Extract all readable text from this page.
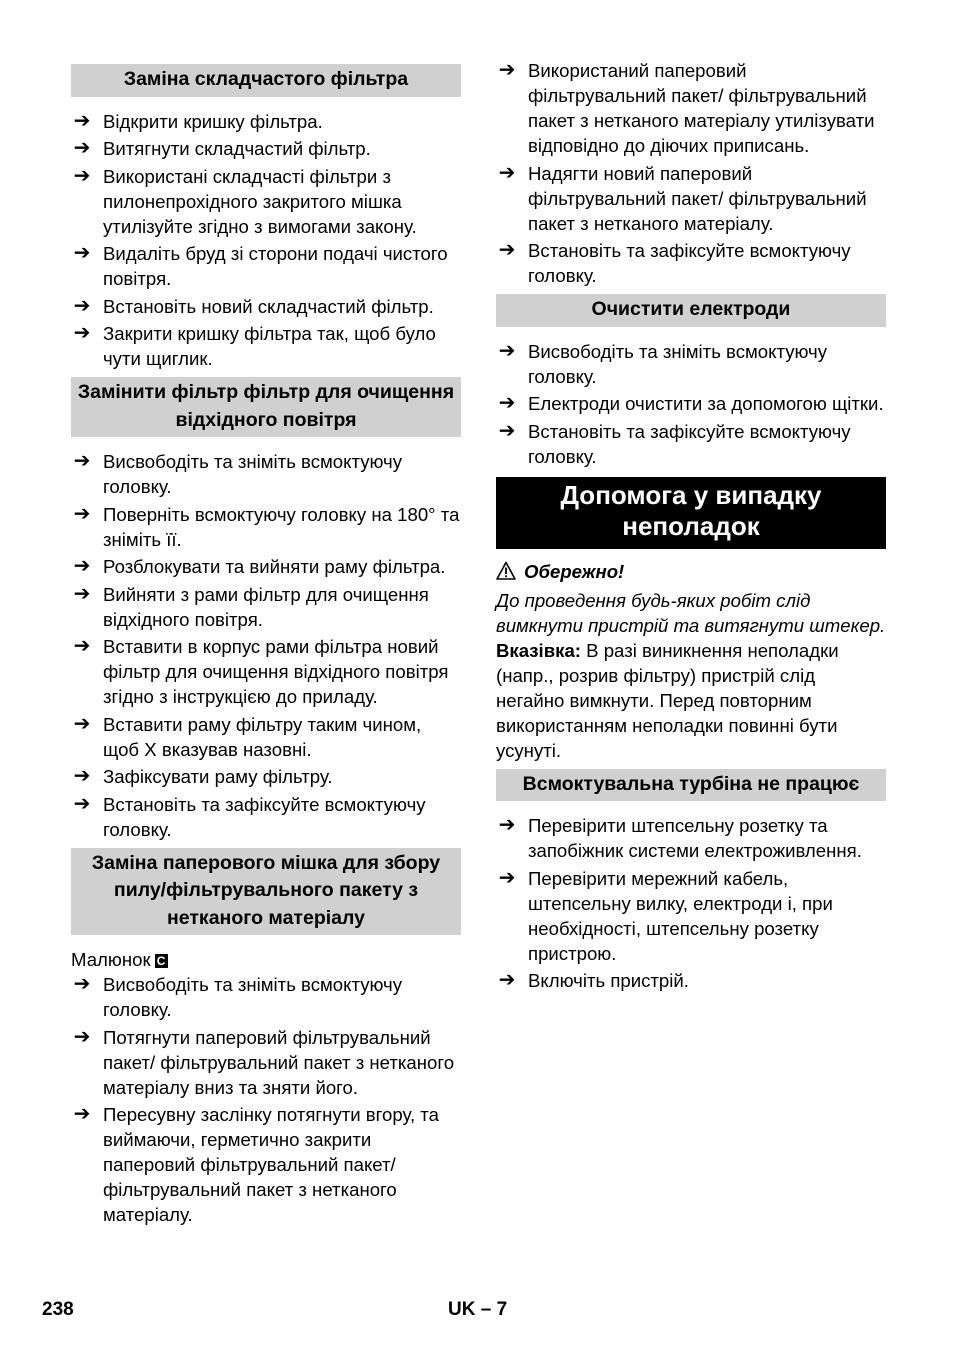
Заміна складчастого фільтра
➔ Відкрити кришку фільтра.
➔ Витягнути складчастий фільтр.
➔ Використані складчасті фільтри з пилонепрохідного закритого мішка утилізуйте згідно з вимогами закону.
➔ Видаліть бруд зі сторони подачі чистого повітря.
➔ Встановіть новий складчастий фільтр.
➔ Закрити кришку фільтра так, щоб було чути щиглик.
Замінити фільтр фільтр для очищення відхідного повітря
➔ Висвободіть та зніміть всмоктуючу головку.
➔ Поверніть всмоктуючу головку на 180° та зніміть її.
➔ Розблокувати та вийняти раму фільтра.
➔ Вийняти з рами фільтр для очищення відхідного повітря.
➔ Вставити в корпус рами фільтра новий фільтр для очищення відхідного повітря згідно з інструкцією до приладу.
➔ Вставити раму фільтру таким чином, щоб X вказував назовні.
➔ Зафіксувати раму фільтру.
➔ Встановіть та зафіксуйте всмоктуючу головку.
Заміна паперового мішка для збору пилу/фільтрувального пакету з нетканого матеріалу

Малюнок C

➔ Висвободіть та зніміть всмоктуючу головку.
➔ Потягнути паперовий фільтрувальний пакет/ фільтрувальний пакет з нетканого матеріалу вниз та зняти його.
➔ Пересувну заслінку потягнути вгору, та виймаючи, герметично закрити паперовий фільтрувальний пакет/ фільтрувальний пакет з нетканого матеріалу.
➔ Використаний паперовий фільтрувальний пакет/ фільтрувальний пакет з нетканого матеріалу утилізувати відповідно до діючих приписань.
➔ Надягти новий паперовий фільтрувальний пакет/ фільтрувальний пакет з нетканого матеріалу.
➔ Встановіть та зафіксуйте всмоктуючу головку.
Очистити електроди
➔ Висвободіть та зніміть всмоктуючу головку.
➔ Електроди очистити за допомогою щітки.
➔ Встановіть та зафіксуйте всмоктуючу головку.
Допомога у випадку неполадок
Обережно!

До проведення будь-яких робіт слід вимкнути пристрій та витягнути штекер.

Вказівка: В разі виникнення неполадки (напр., розрив фільтру) пристрій слід негайно вимкнути. Перед повторним використанням неполадки повинні бути усунуті.

Всмоктувальна турбіна не працює
➔ Перевірити штепсельну розетку та запобіжник системи електроживлення.
➔ Перевірити мережний кабель, штепсельну вилку, електроди і, при необхідності, штепсельну розетку пристрою.
➔ Включіть пристрій.
238	UK – 7
